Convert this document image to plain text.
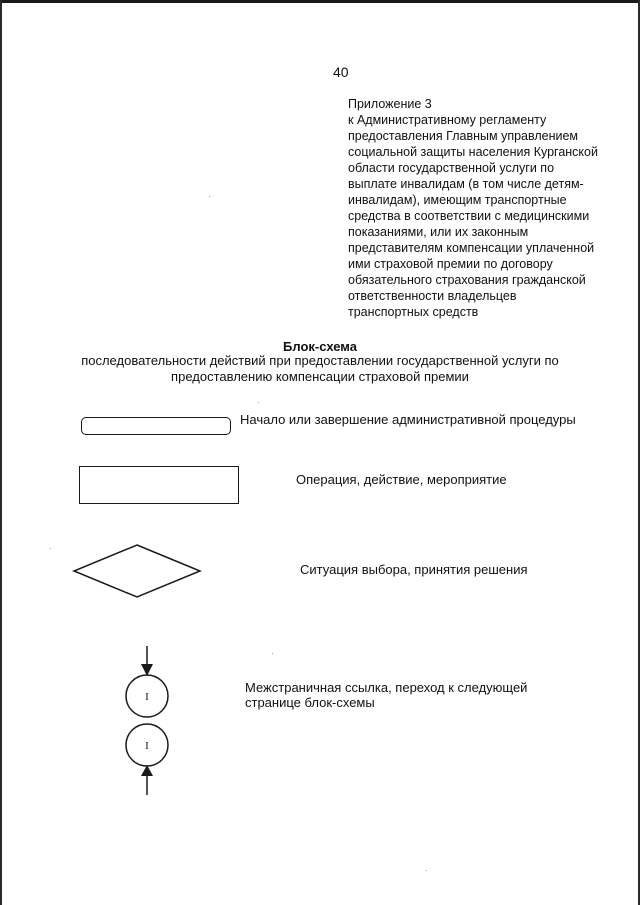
40
Приложение 3
к Административному регламенту
предоставления Главным управлением
социальной защиты населения Курганской
области государственной услуги по
выплате инвалидам (в том числе детям-
инвалидам), имеющим транспортные
средства в соответствии с медицинскими
показаниями, или их законным
представителям компенсации уплаченной
ими страховой премии по договору
обязательного страхования гражданской
ответственности владельцев
транспортных средств
Блок-схема
последовательности действий при предоставлении государственной услуги по
предоставлению компенсации страховой премии
Начало или завершение административной процедуры
Операция, действие, мероприятие
I
I
Ситуация выбора, принятия решения
Межстраничная ссылка, переход к следующей
странице блок-схемы
